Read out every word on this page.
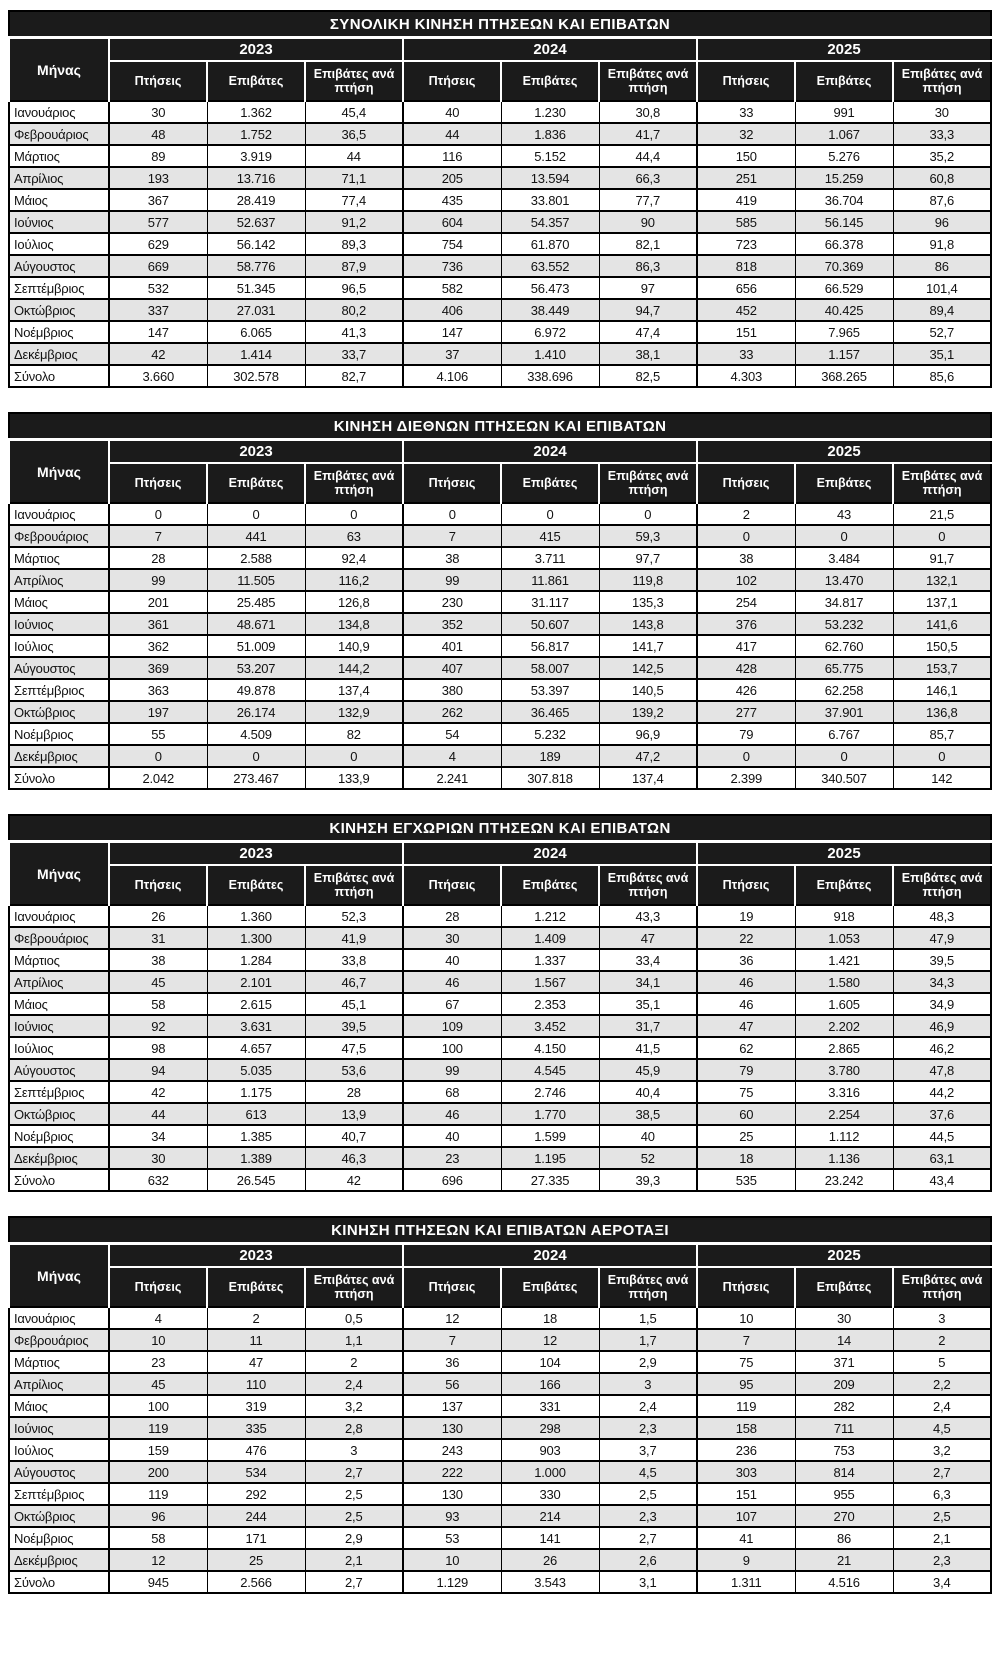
ΣΥΝΟΛΙΚΗ ΚΙΝΗΣΗ ΠΤΗΣΕΩΝ ΚΑΙ ΕΠΙΒΑΤΩΝ									
Μήνας	2023			2024			2025		
	Πτήσεις	Επιβάτες	Επιβάτες ανά πτήση	Πτήσεις	Επιβάτες	Επιβάτες ανά πτήση	Πτήσεις	Επιβάτες	Επιβάτες ανά πτήση
Ιανουάριος	30	1.362	45,4	40	1.230	30,8	33	991	30
Φεβρουάριος	48	1.752	36,5	44	1.836	41,7	32	1.067	33,3
Μάρτιος	89	3.919	44	116	5.152	44,4	150	5.276	35,2
Απρίλιος	193	13.716	71,1	205	13.594	66,3	251	15.259	60,8
Μάιος	367	28.419	77,4	435	33.801	77,7	419	36.704	87,6
Ιούνιος	577	52.637	91,2	604	54.357	90	585	56.145	96
Ιούλιος	629	56.142	89,3	754	61.870	82,1	723	66.378	91,8
Αύγουστος	669	58.776	87,9	736	63.552	86,3	818	70.369	86
Σεπτέμβριος	532	51.345	96,5	582	56.473	97	656	66.529	101,4
Οκτώβριος	337	27.031	80,2	406	38.449	94,7	452	40.425	89,4
Νοέμβριος	147	6.065	41,3	147	6.972	47,4	151	7.965	52,7
Δεκέμβριος	42	1.414	33,7	37	1.410	38,1	33	1.157	35,1
Σύνολο	3.660	302.578	82,7	4.106	338.696	82,5	4.303	368.265	85,6
ΚΙΝΗΣΗ ΔΙΕΘΝΩΝ ΠΤΗΣΕΩΝ ΚΑΙ ΕΠΙΒΑΤΩΝ									
Μήνας	2023			2024			2025		
	Πτήσεις	Επιβάτες	Επιβάτες ανά πτήση	Πτήσεις	Επιβάτες	Επιβάτες ανά πτήση	Πτήσεις	Επιβάτες	Επιβάτες ανά πτήση
Ιανουάριος	0	0	0	0	0	0	2	43	21,5
Φεβρουάριος	7	441	63	7	415	59,3	0	0	0
Μάρτιος	28	2.588	92,4	38	3.711	97,7	38	3.484	91,7
Απρίλιος	99	11.505	116,2	99	11.861	119,8	102	13.470	132,1
Μάιος	201	25.485	126,8	230	31.117	135,3	254	34.817	137,1
Ιούνιος	361	48.671	134,8	352	50.607	143,8	376	53.232	141,6
Ιούλιος	362	51.009	140,9	401	56.817	141,7	417	62.760	150,5
Αύγουστος	369	53.207	144,2	407	58.007	142,5	428	65.775	153,7
Σεπτέμβριος	363	49.878	137,4	380	53.397	140,5	426	62.258	146,1
Οκτώβριος	197	26.174	132,9	262	36.465	139,2	277	37.901	136,8
Νοέμβριος	55	4.509	82	54	5.232	96,9	79	6.767	85,7
Δεκέμβριος	0	0	0	4	189	47,2	0	0	0
Σύνολο	2.042	273.467	133,9	2.241	307.818	137,4	2.399	340.507	142
ΚΙΝΗΣΗ ΕΓΧΩΡΙΩΝ ΠΤΗΣΕΩΝ ΚΑΙ ΕΠΙΒΑΤΩΝ									
Μήνας	2023			2024			2025		
	Πτήσεις	Επιβάτες	Επιβάτες ανά πτήση	Πτήσεις	Επιβάτες	Επιβάτες ανά πτήση	Πτήσεις	Επιβάτες	Επιβάτες ανά πτήση
Ιανουάριος	26	1.360	52,3	28	1.212	43,3	19	918	48,3
Φεβρουάριος	31	1.300	41,9	30	1.409	47	22	1.053	47,9
Μάρτιος	38	1.284	33,8	40	1.337	33,4	36	1.421	39,5
Απρίλιος	45	2.101	46,7	46	1.567	34,1	46	1.580	34,3
Μάιος	58	2.615	45,1	67	2.353	35,1	46	1.605	34,9
Ιούνιος	92	3.631	39,5	109	3.452	31,7	47	2.202	46,9
Ιούλιος	98	4.657	47,5	100	4.150	41,5	62	2.865	46,2
Αύγουστος	94	5.035	53,6	99	4.545	45,9	79	3.780	47,8
Σεπτέμβριος	42	1.175	28	68	2.746	40,4	75	3.316	44,2
Οκτώβριος	44	613	13,9	46	1.770	38,5	60	2.254	37,6
Νοέμβριος	34	1.385	40,7	40	1.599	40	25	1.112	44,5
Δεκέμβριος	30	1.389	46,3	23	1.195	52	18	1.136	63,1
Σύνολο	632	26.545	42	696	27.335	39,3	535	23.242	43,4
ΚΙΝΗΣΗ ΠΤΗΣΕΩΝ ΚΑΙ ΕΠΙΒΑΤΩΝ ΑΕΡΟΤΑΞΙ									
Μήνας	2023			2024			2025		
	Πτήσεις	Επιβάτες	Επιβάτες ανά πτήση	Πτήσεις	Επιβάτες	Επιβάτες ανά πτήση	Πτήσεις	Επιβάτες	Επιβάτες ανά πτήση
Ιανουάριος	4	2	0,5	12	18	1,5	10	30	3
Φεβρουάριος	10	11	1,1	7	12	1,7	7	14	2
Μάρτιος	23	47	2	36	104	2,9	75	371	5
Απρίλιος	45	110	2,4	56	166	3	95	209	2,2
Μάιος	100	319	3,2	137	331	2,4	119	282	2,4
Ιούνιος	119	335	2,8	130	298	2,3	158	711	4,5
Ιούλιος	159	476	3	243	903	3,7	236	753	3,2
Αύγουστος	200	534	2,7	222	1.000	4,5	303	814	2,7
Σεπτέμβριος	119	292	2,5	130	330	2,5	151	955	6,3
Οκτώβριος	96	244	2,5	93	214	2,3	107	270	2,5
Νοέμβριος	58	171	2,9	53	141	2,7	41	86	2,1
Δεκέμβριος	12	25	2,1	10	26	2,6	9	21	2,3
Σύνολο	945	2.566	2,7	1.129	3.543	3,1	1.311	4.516	3,4
